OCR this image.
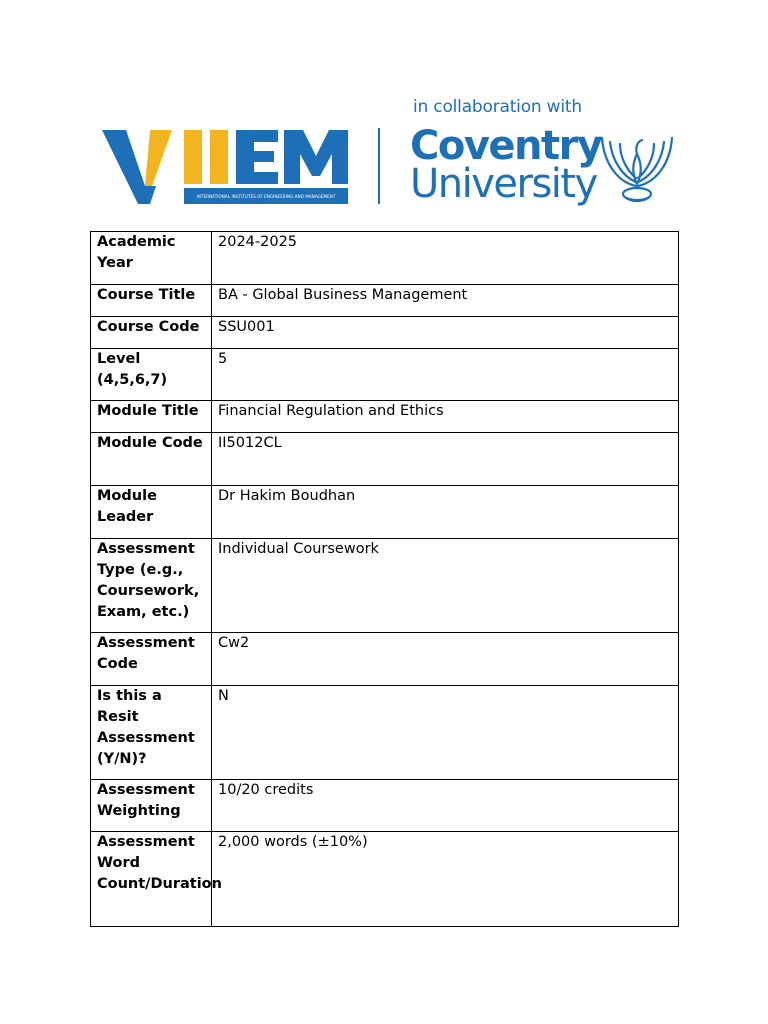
INTERNATIONAL INSTITUTES OF ENGINEERING AND MANAGEMENT
in collaboration with
Coventry
University
Academic Year	2024-2025
Course Title	BA - Global Business Management
Course Code	SSU001
Level (4,5,6,7)	5
Module Title	Financial Regulation and Ethics
Module Code	II5012CL
Module Leader	Dr Hakim Boudhan
Assessment Type (e.g., Coursework, Exam, etc.)	Individual Coursework
Assessment Code	Cw2
Is this a Resit Assessment (Y/N)?	N
Assessment Weighting	10/20 credits
Assessment Word Count/Duration	2,000 words (±10%)
